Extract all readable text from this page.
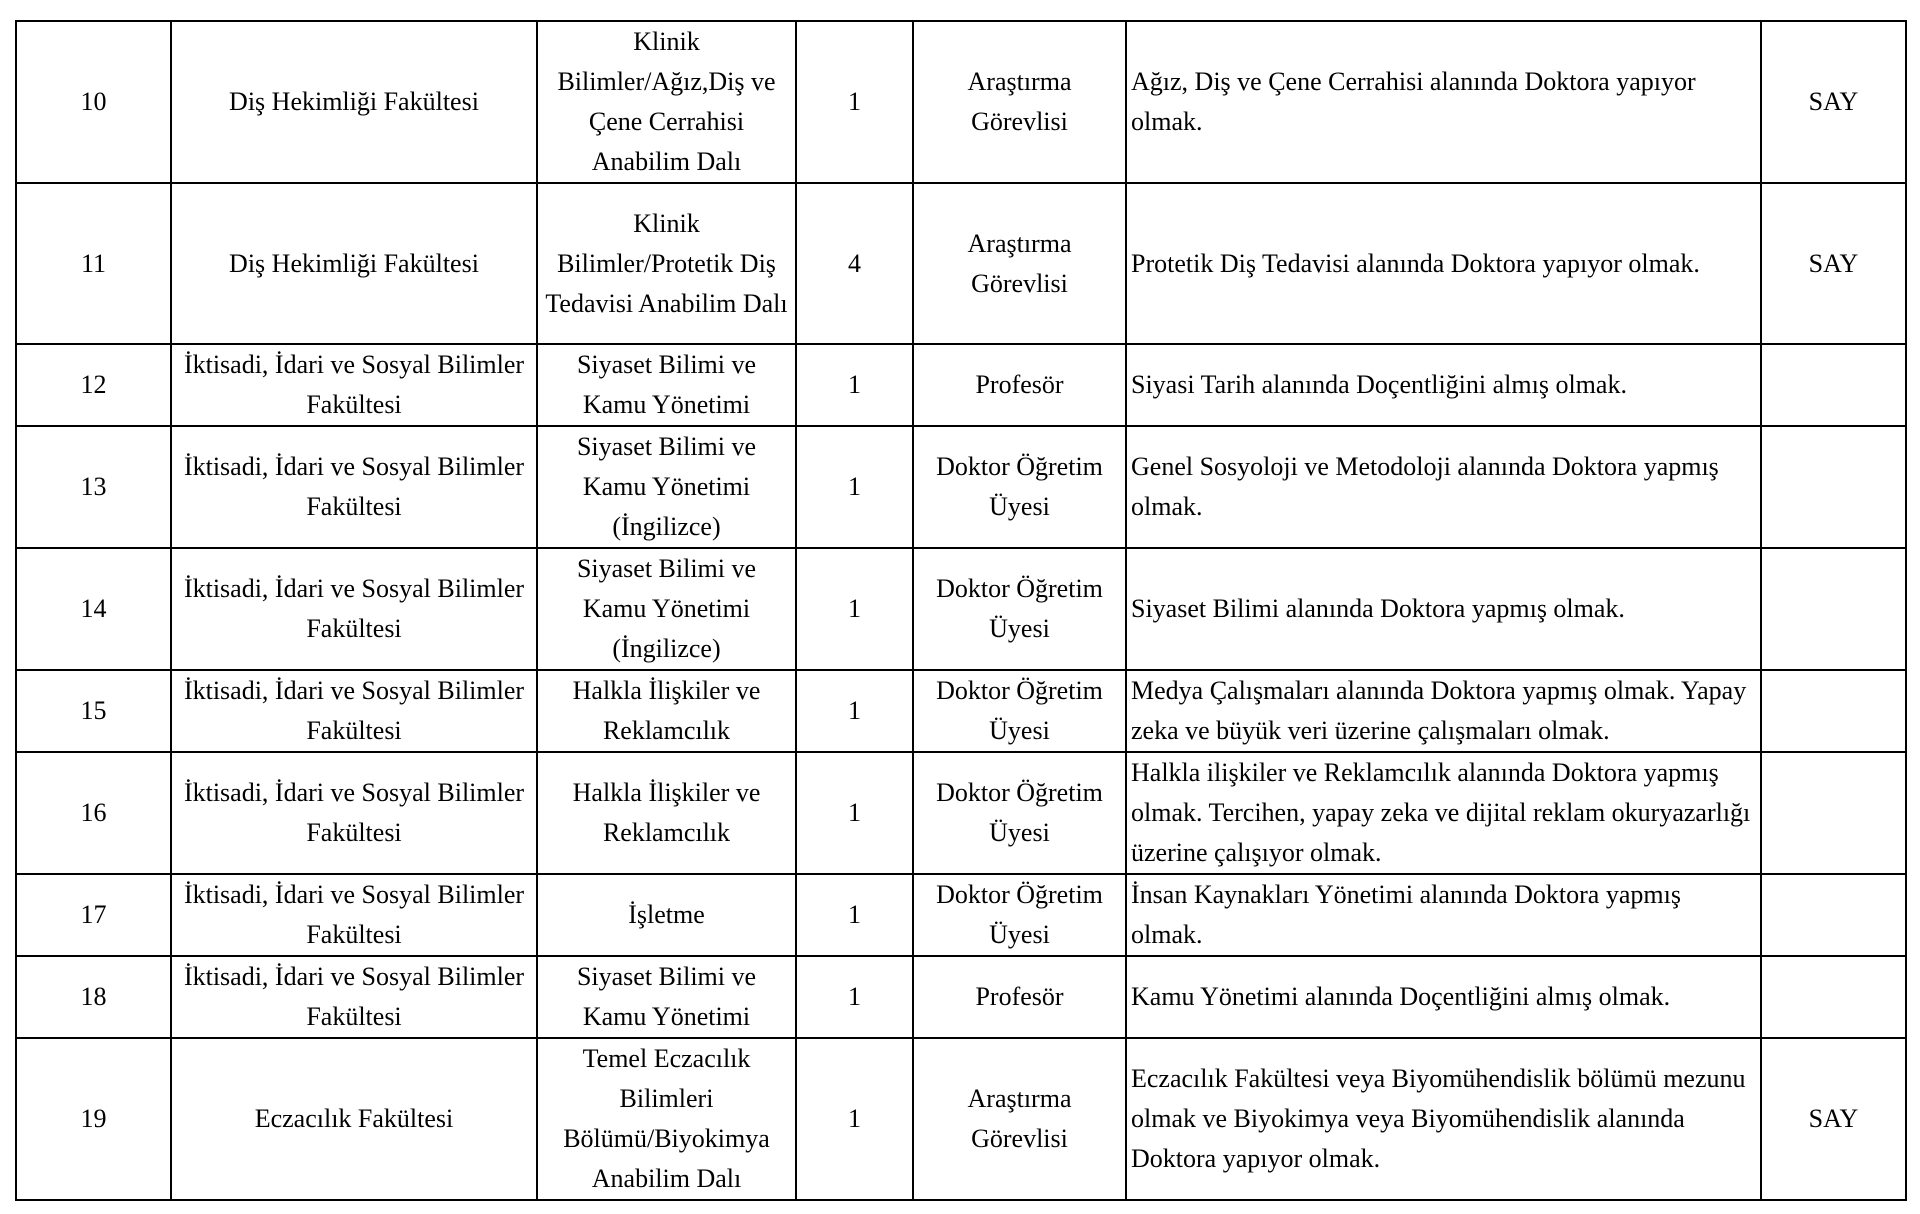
10	Diş Hekimliği Fakültesi	Klinik Bilimler/Ağız,Diş ve Çene Cerrahisi Anabilim Dalı	1	Araştırma Görevlisi	Ağız, Diş ve Çene Cerrahisi alanında Doktora yapıyor olmak.	SAY
11	Diş Hekimliği Fakültesi	Klinik Bilimler/Protetik Diş Tedavisi Anabilim Dalı	4	Araştırma Görevlisi	Protetik Diş Tedavisi alanında Doktora yapıyor olmak.	SAY
12	İktisadi, İdari ve Sosyal Bilimler Fakültesi	Siyaset Bilimi ve Kamu Yönetimi	1	Profesör	Siyasi Tarih alanında Doçentliğini almış olmak.	
13	İktisadi, İdari ve Sosyal Bilimler Fakültesi	Siyaset Bilimi ve Kamu Yönetimi (İngilizce)	1	Doktor Öğretim Üyesi	Genel Sosyoloji ve Metodoloji alanında Doktora yapmış olmak.	
14	İktisadi, İdari ve Sosyal Bilimler Fakültesi	Siyaset Bilimi ve Kamu Yönetimi (İngilizce)	1	Doktor Öğretim Üyesi	Siyaset Bilimi alanında Doktora yapmış olmak.	
15	İktisadi, İdari ve Sosyal Bilimler Fakültesi	Halkla İlişkiler ve Reklamcılık	1	Doktor Öğretim Üyesi	Medya Çalışmaları alanında Doktora yapmış olmak. Yapay zeka ve büyük veri üzerine çalışmaları olmak.	
16	İktisadi, İdari ve Sosyal Bilimler Fakültesi	Halkla İlişkiler ve Reklamcılık	1	Doktor Öğretim Üyesi	Halkla ilişkiler ve Reklamcılık alanında Doktora yapmış olmak. Tercihen, yapay zeka ve dijital reklam okuryazarlığı üzerine çalışıyor olmak.	
17	İktisadi, İdari ve Sosyal Bilimler Fakültesi	İşletme	1	Doktor Öğretim Üyesi	İnsan Kaynakları Yönetimi alanında Doktora yapmış olmak.	
18	İktisadi, İdari ve Sosyal Bilimler Fakültesi	Siyaset Bilimi ve Kamu Yönetimi	1	Profesör	Kamu Yönetimi alanında Doçentliğini almış olmak.	
19	Eczacılık Fakültesi	Temel Eczacılık Bilimleri Bölümü/Biyokimya Anabilim Dalı	1	Araştırma Görevlisi	Eczacılık Fakültesi veya Biyomühendislik bölümü mezunu olmak ve Biyokimya veya Biyomühendislik alanında Doktora yapıyor olmak.	SAY
